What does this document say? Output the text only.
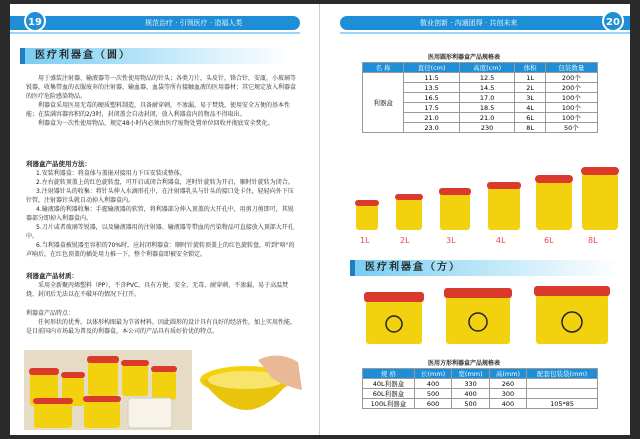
规范治疗 · 引领医疗 · 造福人类
19
医疗利器盒（圆）

用于盛装注射器、输液器等一次性使用物品的针头；各类刀片，头皮针，锋合针，安瓿，小玻璃等锐器，收集带血的衣服废弃的注射器，输血器，血袋等所有接触血液的医用器材；其它规定放入利器盒的医疗危险感染物品。

利器盒采用医用无毒的硬质塑料制造，具备耐穿刺，不渗漏，易于焚烧，使用安全方便的基本性能；在装满容器容积的2/3时，封闭盖会自动封闭，放入利器盒内的物品不得取出。

利器盒为一次性使用物品，规定48小时内必须由医疗废物处置单位回收并彻底安全焚化。

利器盒产品使用方法：
1.安装利器盒：将盒体与盖嵌对接用力下压安装成整体。
2.左右旋转顶盖上的红色旋转盘，可开启或闭合利器盒，逆时针旋转为开启，顺时针旋转为闭合。
3.注射器针头的收集：将针头伸入水滴形孔中，在注射器乳头与针头的接口处卡住，轻轻向外下压针管，注射器针头就自动掉入利器盒内。
4.输液器的利器收集：手握输液器的软管，将利器部分伸入顶盖的大开孔中，用剪刀剪即可，其锐器部分即掉入利器盒内。
5.刀片或者玻璃等锐器，以及输液器用的注射器、输液器等带血的污染物品可直接放入顶部大开孔中。
6.当利器盒被锐器至容积的70%时，应封闭利器盒：顺时针旋转顶盖上的红色旋转盘，听到"咯"的声响后，在红色顶盖的插处用力推一下，整个利器盒即被安全锁定。
利器盒产品材质：

采用全新聚丙烯塑料（PP），不含PVC，具有方便、安全、无毒、耐穿刺、不渗漏、易于高温焚烧、封闭后无法以在不破坏的情况下打开。

利器盒产品特点：

任何形状的优秀，以体形构图最为节省材料，因此圆形的设计具有良好的经济性，加上实用性能，是目前国内市场最为普及的利器盒，本公司的产品具有质好价优的特点。

敬业创新 · 沟通团得 · 共创未来	20
医用圆形利器盒产品规格表
名 称	直径(cm)	高度(cm)	体积	包装数量
利器盒	11.5	12.5	1L	200个
	13.5	14.5	2L	200个
	16.5	17.0	3L	100个
	17.5	18.5	4L	100个
	21.0	21.0	6L	100个
	23.0	230	8L	50个
1L	2L	3L	4L	6L	8L
医疗利器盒（方）
医用方形利器盒产品规格表
规 格	长(mm)	宽(mm)	高(mm)	配套包装袋(mm)
40L利器盒	400	330	260	
60L利器盒	500	400	300	
100L利器盒	600	500	400	105*85
